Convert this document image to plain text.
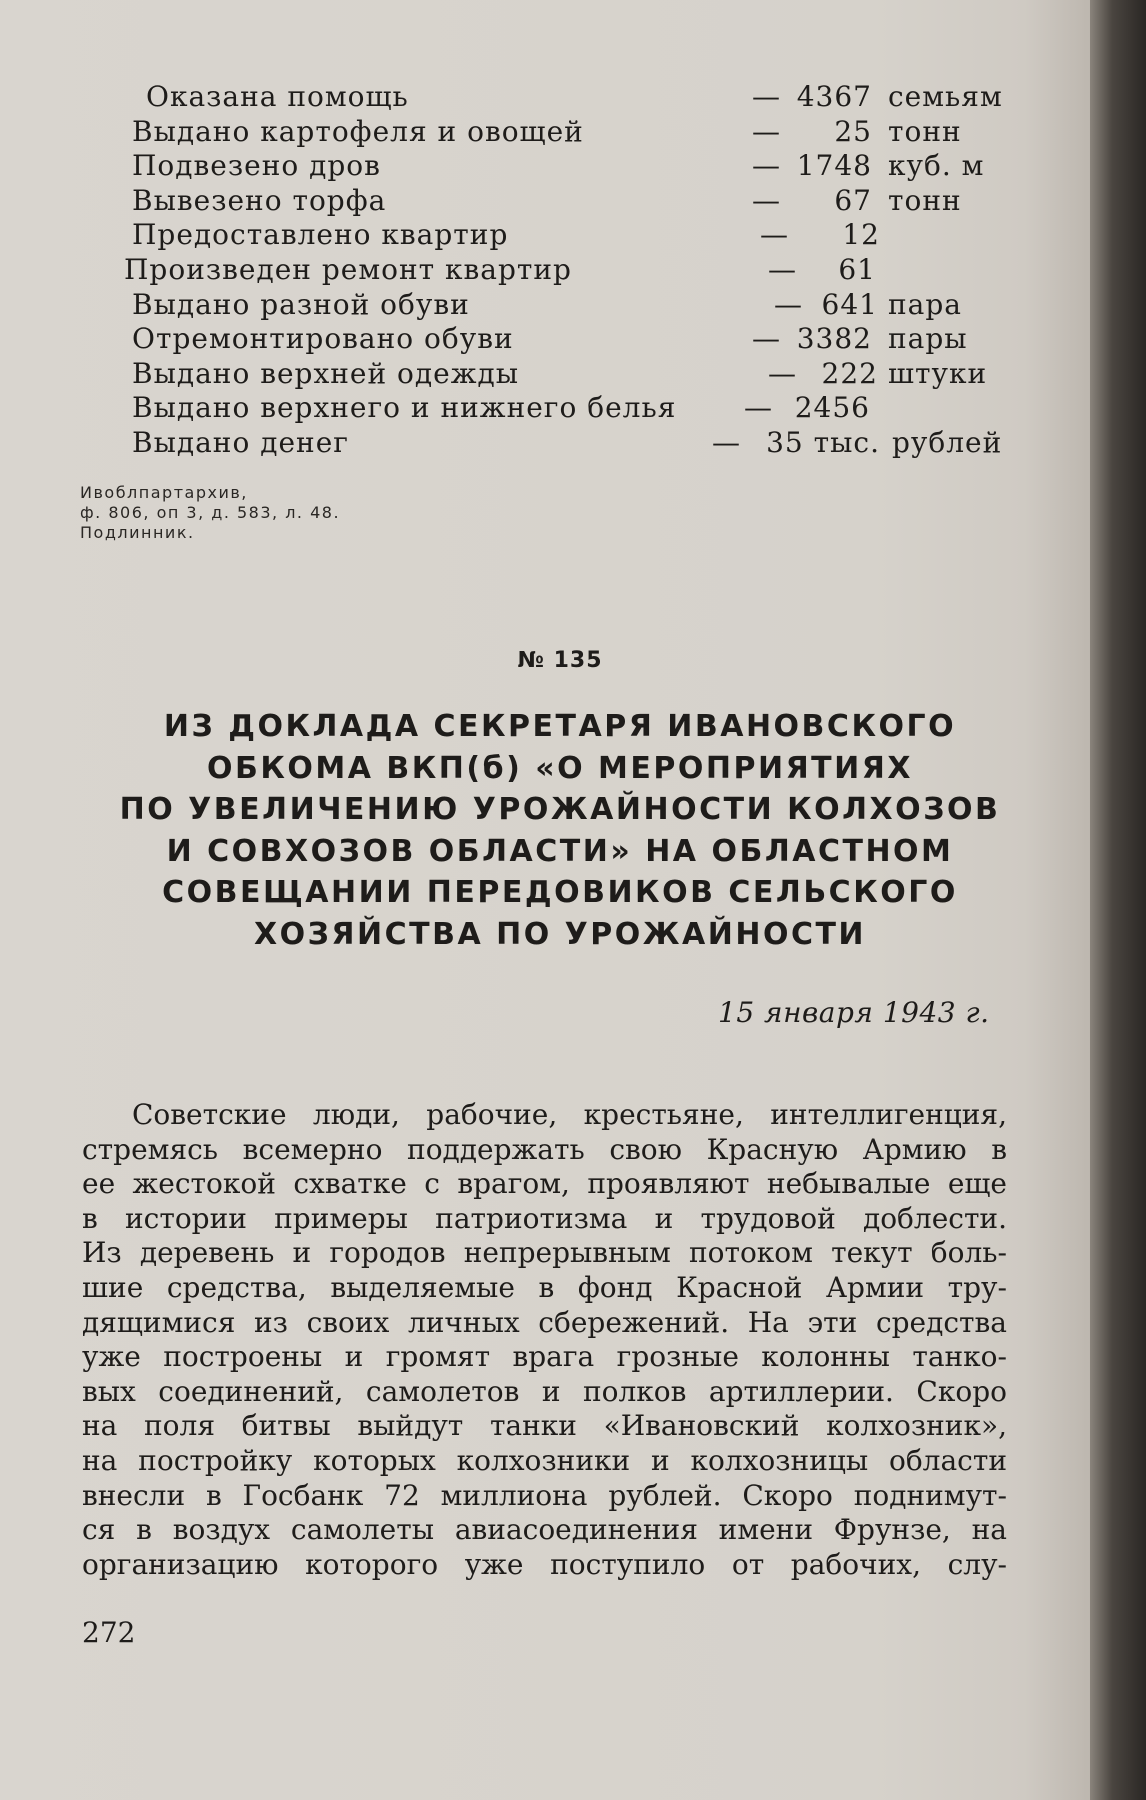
Оказана помощь	— 4367 семьям
Выдано картофеля и овощей	—	25 тонн
Подвезено дров	— 1748 куб. м
Вывезено торфа	—	67 тонн
Предоставлено квартир	—	12
Произведен ремонт квартир	—	61
Выдано разной обуви	— 641 пара
Отремонтировано обуви	— 3382 пары
Выдано верхней одежды	— 222 штуки
Выдано верхнего и нижнего белья — 2456
Выдано денег	— 35 тыс. рублей
Ивоблпартархив,
ф. 806, оп 3, д. 583, л. 48.
Подлинник.
№ 135
ИЗ ДОКЛАДА СЕКРЕТАРЯ ИВАНОВСКОГО
ОБКОМА ВКП(б) «О МЕРОПРИЯТИЯХ
ПО УВЕЛИЧЕНИЮ УРОЖАЙНОСТИ КОЛХОЗОВ
И СОВХОЗОВ ОБЛАСТИ» НА ОБЛАСТНОМ
СОВЕЩАНИИ ПЕРЕДОВИКОВ СЕЛЬСКОГО
ХОЗЯЙСТВА ПО УРОЖАЙНОСТИ
15 января 1943 г.
Советские люди, рабочие, крестьяне, интеллигенция,
стремясь всемерно поддержать свою Красную Армию в
ее жестокой схватке с врагом, проявляют небывалые еще
в истории примеры патриотизма и трудовой доблести.
Из деревень и городов непрерывным потоком текут боль-
шие средства, выделяемые в фонд Красной Армии тру-
дящимися из своих личных сбережений. На эти средства
уже построены и громят врага грозные колонны танко-
вых соединений, самолетов и полков артиллерии. Скоро
на поля битвы выйдут танки «Ивановский колхозник»,
на постройку которых колхозники и колхозницы области
внесли в Госбанк 72 миллиона рублей. Скоро поднимут-
ся в воздух самолеты авиасоединения имени Фрунзе, на
организацию которого уже поступило от рабочих, слу-
272
